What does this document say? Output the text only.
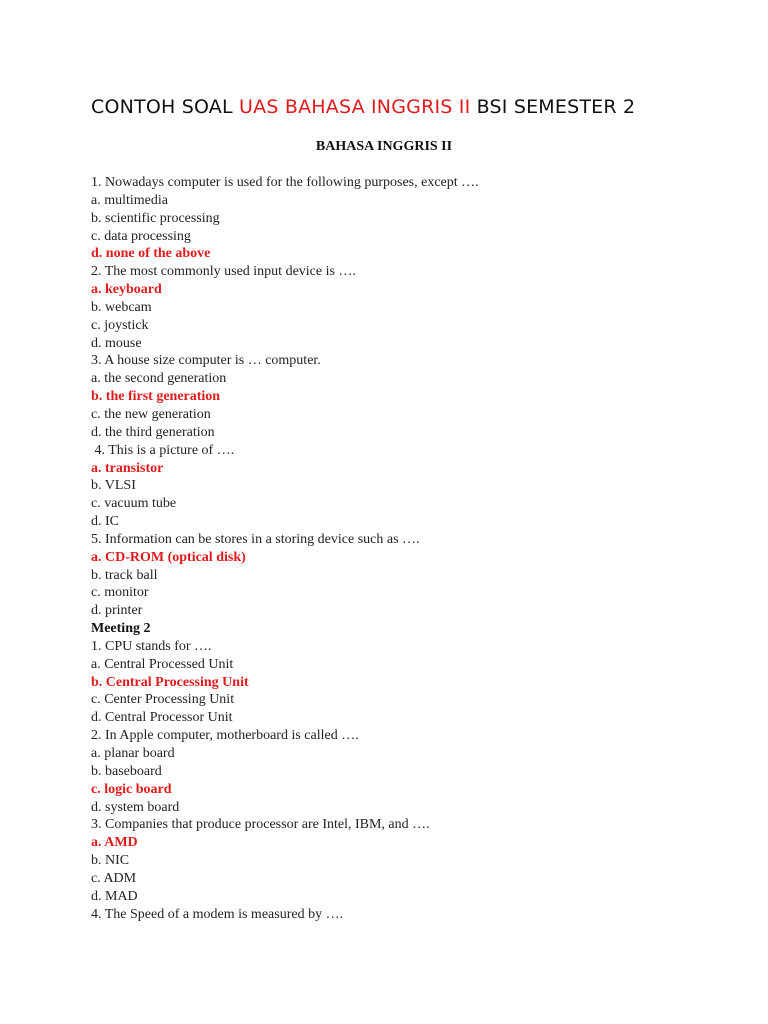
CONTOH SOAL UAS BAHASA INGGRIS II BSI SEMESTER 2
BAHASA INGGRIS II
1. Nowadays computer is used for the following purposes, except ….
a. multimedia
b. scientific processing
c. data processing
d. none of the above
2. The most commonly used input device is ….
a. keyboard
b. webcam
c. joystick
d. mouse
3. A house size computer is … computer.
a. the second generation
b. the first generation
c. the new generation
d. the third generation
4. This is a picture of ….
a. transistor
b. VLSI
c. vacuum tube
d. IC
5. Information can be stores in a storing device such as ….
a. CD-ROM (optical disk)
b. track ball
c. monitor
d. printer
Meeting 2
1. CPU stands for ….
a. Central Processed Unit
b. Central Processing Unit
c. Center Processing Unit
d. Central Processor Unit
2. In Apple computer, motherboard is called ….
a. planar board
b. baseboard
c. logic board
d. system board
3. Companies that produce processor are Intel, IBM, and ….
a. AMD
b. NIC
c. ADM
d. MAD
4. The Speed of a modem is measured by ….
